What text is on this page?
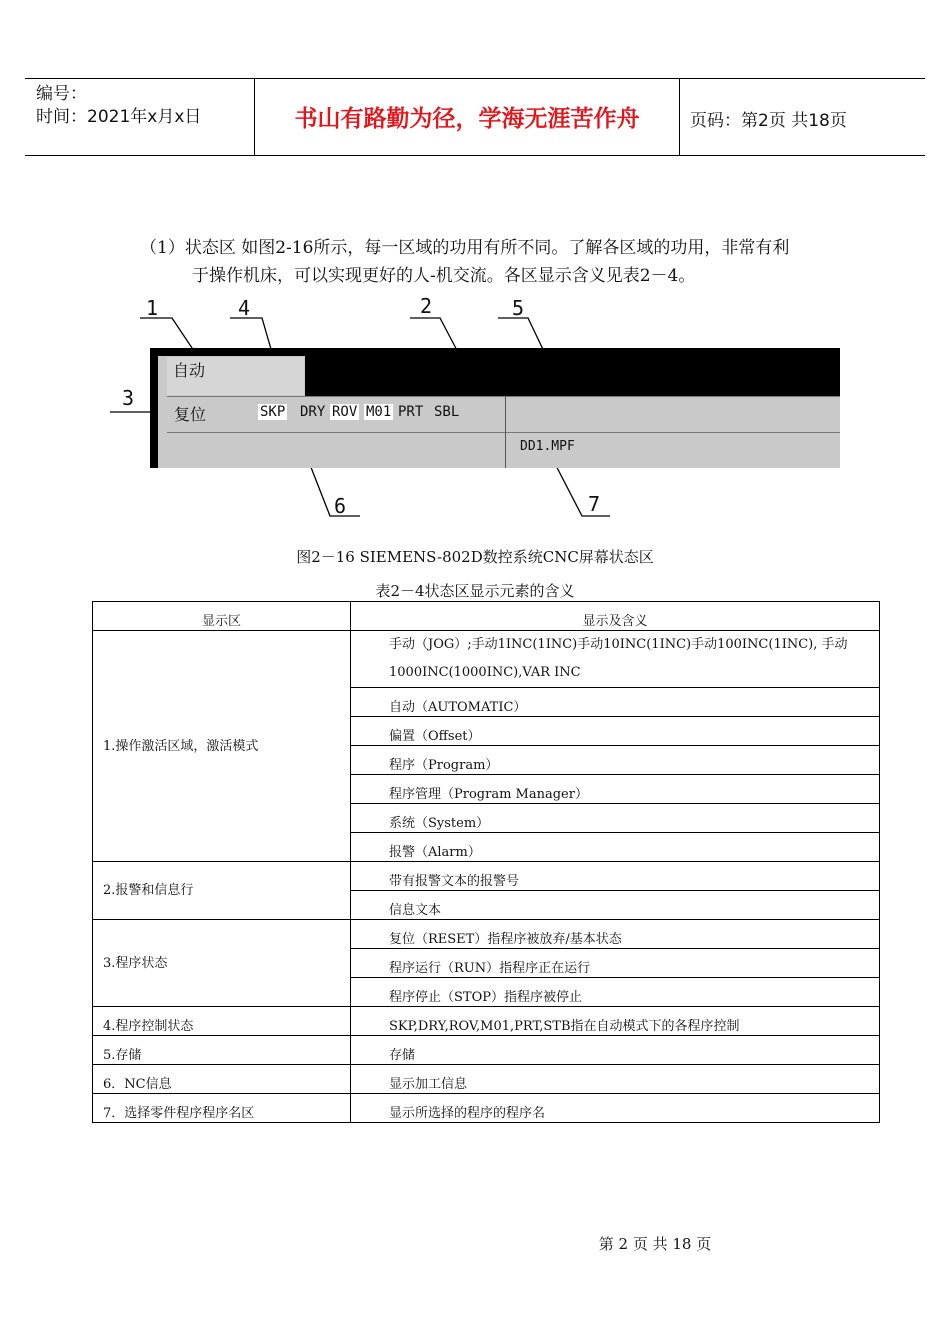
编号：
时间：2021年x月x日	书山有路勤为径，学海无涯苦作舟	页码：第2页 共18页
（1）状态区 如图2-16所示，每一区域的功用有所不同。了解各区域的功用，非常有利
于操作机床，可以实现更好的人-机交流。各区显示含义见表2－4。
1	4	2	5
3
6	7
自动
复位	SKP DRY ROV M01 PRT SBL
DD1.MPF
图2－16 SIEMENS-802D数控系统CNC屏幕状态区
表2－4状态区显示元素的含义
显示区	显示及含义
1.操作激活区域，激活模式	手动（JOG）;手动1INC(1INC)手动10INC(1INC)手动100INC(1INC), 手动1000INC(1000INC),VAR INC

	自动（AUTOMATIC）
	偏置（Offset）
	程序（Program）
	程序管理（Program Manager）
	系统（System）
	报警（Alarm）
2.报警和信息行	带有报警文本的报警号
	信息文本
3.程序状态	复位（RESET）指程序被放弃/基本状态
	程序运行（RUN）指程序正在运行
	程序停止（STOP）指程序被停止
4.程序控制状态	SKP,DRY,ROV,M01,PRT,STB指在自动模式下的各程序控制
5.存储	存储
6．NC信息	显示加工信息
7．选择零件程序程序名区	显示所选择的程序的程序名
第 2 页 共 18 页
